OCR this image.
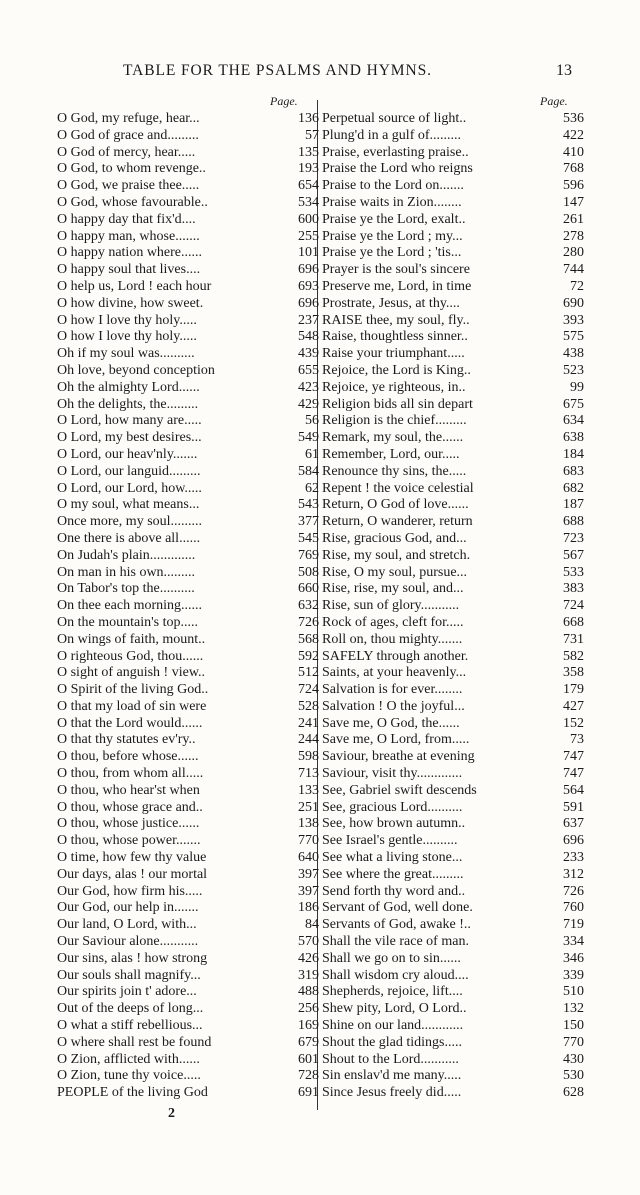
TABLE FOR THE PSALMS AND HYMNS.	13
Page.	Page.
O God, my refuge, hear...	136
O God of grace and.........	57
O God of mercy, hear.....	135
O God, to whom revenge..	193
O God, we praise thee.....	654
O God, whose favourable..	534
O happy day that fix'd....	600
O happy man, whose.......	255
O happy nation where......	101
O happy soul that lives....	696
O help us, Lord ! each hour	693
O how divine, how sweet.	696
O how I love thy holy.....	237
O how I love thy holy.....	548
Oh if my soul was..........	439
Oh love, beyond conception	655
Oh the almighty Lord......	423
Oh the delights, the.........	429
O Lord, how many are.....	56
O Lord, my best desires...	549
O Lord, our heav'nly.......	61
O Lord, our languid.........	584
O Lord, our Lord, how.....	62
O my soul, what means...	543
Once more, my soul.........	377
One there is above all......	545
On Judah's plain.............	769
On man in his own.........	508
On Tabor's top the..........	660
On thee each morning......	632
On the mountain's top.....	726
On wings of faith, mount..	568
O righteous God, thou......	592
O sight of anguish ! view..	512
O Spirit of the living God..	724
O that my load of sin were	528
O that the Lord would......	241
O that thy statutes ev'ry..	244
O thou, before whose......	598
O thou, from whom all.....	713
O thou, who hear'st when	133
O thou, whose grace and..	251
O thou, whose justice......	138
O thou, whose power.......	770
O time, how few thy value	640
Our days, alas ! our mortal	397
Our God, how firm his.....	397
Our God, our help in.......	186
Our land, O Lord, with...	84
Our Saviour alone...........	570
Our sins, alas ! how strong	426
Our souls shall magnify...	319
Our spirits join t' adore...	488
Out of the deeps of long...	256
O what a stiff rebellious...	169
O where shall rest be found	679
O Zion, afflicted with......	601
O Zion, tune thy voice.....	728
PEOPLE of the living God	691
Perpetual source of light..	536
Plung'd in a gulf of.........	422
Praise, everlasting praise..	410
Praise the Lord who reigns	768
Praise to the Lord on.......	596
Praise waits in Zion........	147
Praise ye the Lord, exalt..	261
Praise ye the Lord ; my...	278
Praise ye the Lord ; 'tis...	280
Prayer is the soul's sincere	744
Preserve me, Lord, in time	72
Prostrate, Jesus, at thy....	690
RAISE thee, my soul, fly..	393
Raise, thoughtless sinner..	575
Raise your triumphant.....	438
Rejoice, the Lord is King..	523
Rejoice, ye righteous, in..	99
Religion bids all sin depart	675
Religion is the chief.........	634
Remark, my soul, the......	638
Remember, Lord, our.....	184
Renounce thy sins, the.....	683
Repent ! the voice celestial	682
Return, O God of love......	187
Return, O wanderer, return	688
Rise, gracious God, and...	723
Rise, my soul, and stretch.	567
Rise, O my soul, pursue...	533
Rise, rise, my soul, and...	383
Rise, sun of glory...........	724
Rock of ages, cleft for.....	668
Roll on, thou mighty.......	731
SAFELY through another.	582
Saints, at your heavenly...	358
Salvation is for ever........	179
Salvation ! O the joyful...	427
Save me, O God, the......	152
Save me, O Lord, from.....	73
Saviour, breathe at evening	747
Saviour, visit thy.............	747
See, Gabriel swift descends	564
See, gracious Lord..........	591
See, how brown autumn..	637
See Israel's gentle..........	696
See what a living stone...	233
See where the great.........	312
Send forth thy word and..	726
Servant of God, well done.	760
Servants of God, awake !..	719
Shall the vile race of man.	334
Shall we go on to sin......	346
Shall wisdom cry aloud....	339
Shepherds, rejoice, lift....	510
Shew pity, Lord, O Lord..	132
Shine on our land............	150
Shout the glad tidings.....	770
Shout to the Lord...........	430
Sin enslav'd me many.....	530
Since Jesus freely did.....	628
2
